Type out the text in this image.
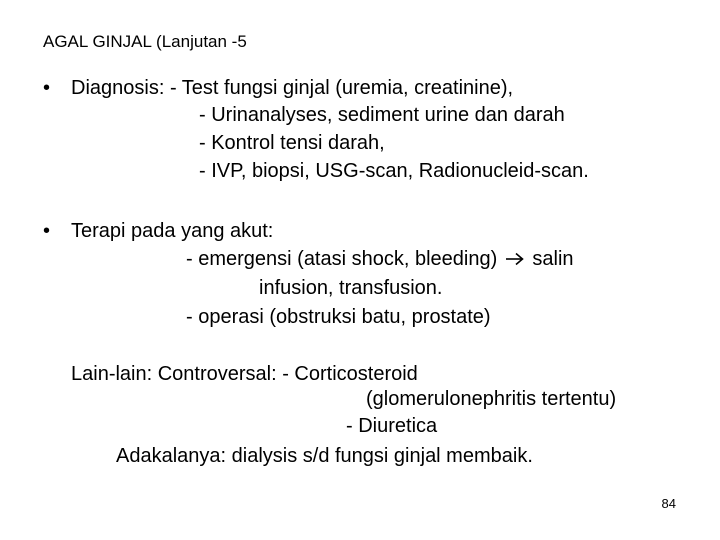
AGAL GINJAL (Lanjutan -5
• Diagnosis: - Test fungsi ginjal (uremia, creatinine),
- Urinanalyses, sediment urine dan darah
- Kontrol tensi darah,
- IVP, biopsi, USG-scan, Radionucleid-scan.
• Terapi pada yang akut:
- emergensi (atasi shock, bleeding) salin
infusion, transfusion.
- operasi (obstruksi batu, prostate)
Lain-lain: Controversal: - Corticosteroid
(glomerulonephritis tertentu)
- Diuretica
Adakalanya: dialysis s/d fungsi ginjal membaik.
84
